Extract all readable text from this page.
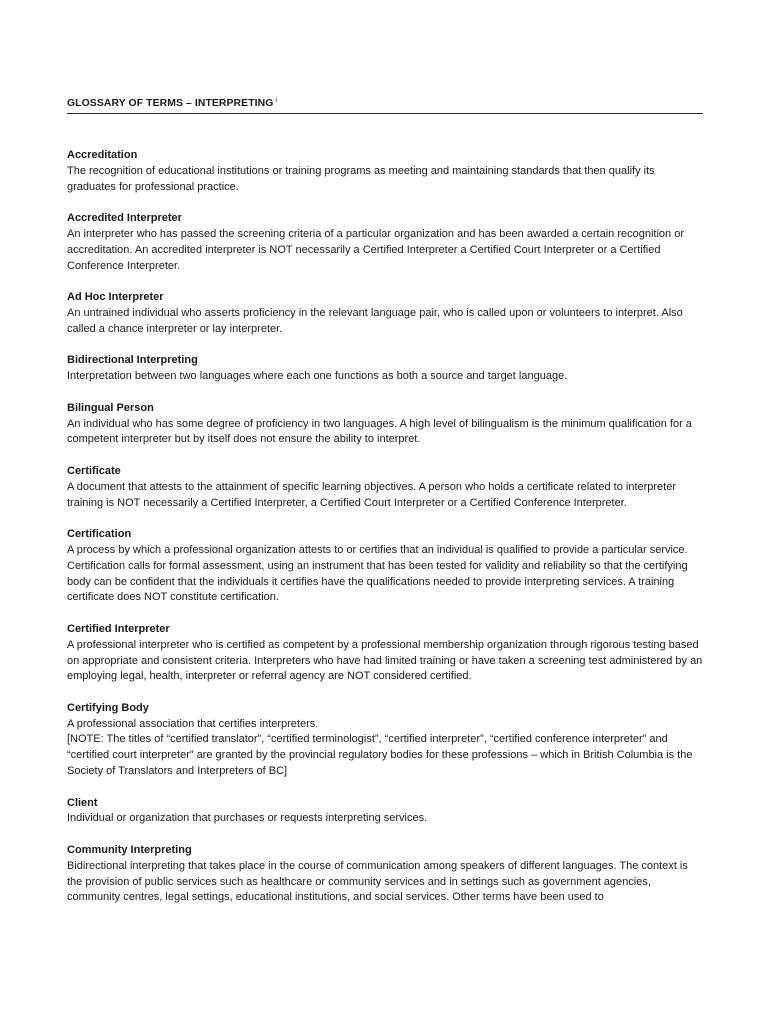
GLOSSARY OF TERMS – INTERPRETING  $^i$
Accreditation

The recognition of educational institutions or training programs as meeting and maintaining standards that then qualify its graduates for professional practice.

Accredited Interpreter

An interpreter who has passed the screening criteria of a particular organization and has been awarded a certain recognition or accreditation. An accredited interpreter is NOT necessarily a Certified Interpreter a Certified Court Interpreter or a Certified Conference Interpreter.

Ad Hoc Interpreter

An untrained individual who asserts proficiency in the relevant language pair, who is called upon or volunteers to interpret. Also called a chance interpreter or lay interpreter.

Bidirectional Interpreting

Interpretation between two languages where each one functions as both a source and target language.

Bilingual Person

An individual who has some degree of proficiency in two languages. A high level of bilingualism is the minimum qualification for a competent interpreter but by itself does not ensure the ability to interpret.

Certificate

A document that attests to the attainment of specific learning objectives. A person who holds a certificate related to interpreter training is NOT necessarily a Certified Interpreter, a Certified Court Interpreter or a Certified Conference Interpreter.

Certification

A process by which a professional organization attests to or certifies that an individual is qualified to provide a particular service. Certification calls for formal assessment, using an instrument that has been tested for validity and reliability so that the certifying body can be confident that the individuals it certifies have the qualifications needed to provide interpreting services. A training certificate does NOT constitute certification.

Certified Interpreter

A professional interpreter who is certified as competent by a professional membership organization through rigorous testing based on appropriate and consistent criteria. Interpreters who have had limited training or have taken a screening test administered by an employing legal, health, interpreter or referral agency are NOT considered certified.

Certifying Body

A professional association that certifies interpreters.

[NOTE: The titles of “certified translator”, “certified terminologist”, “certified interpreter”, “certified conference interpreter” and “certified court interpreter” are granted by the provincial regulatory bodies for these professions – which in British Columbia is the Society of Translators and Interpreters of BC]

Client

Individual or organization that purchases or requests interpreting services.

Community Interpreting

Bidirectional interpreting that takes place in the course of communication among speakers of different languages. The context is the provision of public services such as healthcare or community services and in settings such as government agencies, community centres, legal settings, educational institutions, and social services. Other terms have been used to
